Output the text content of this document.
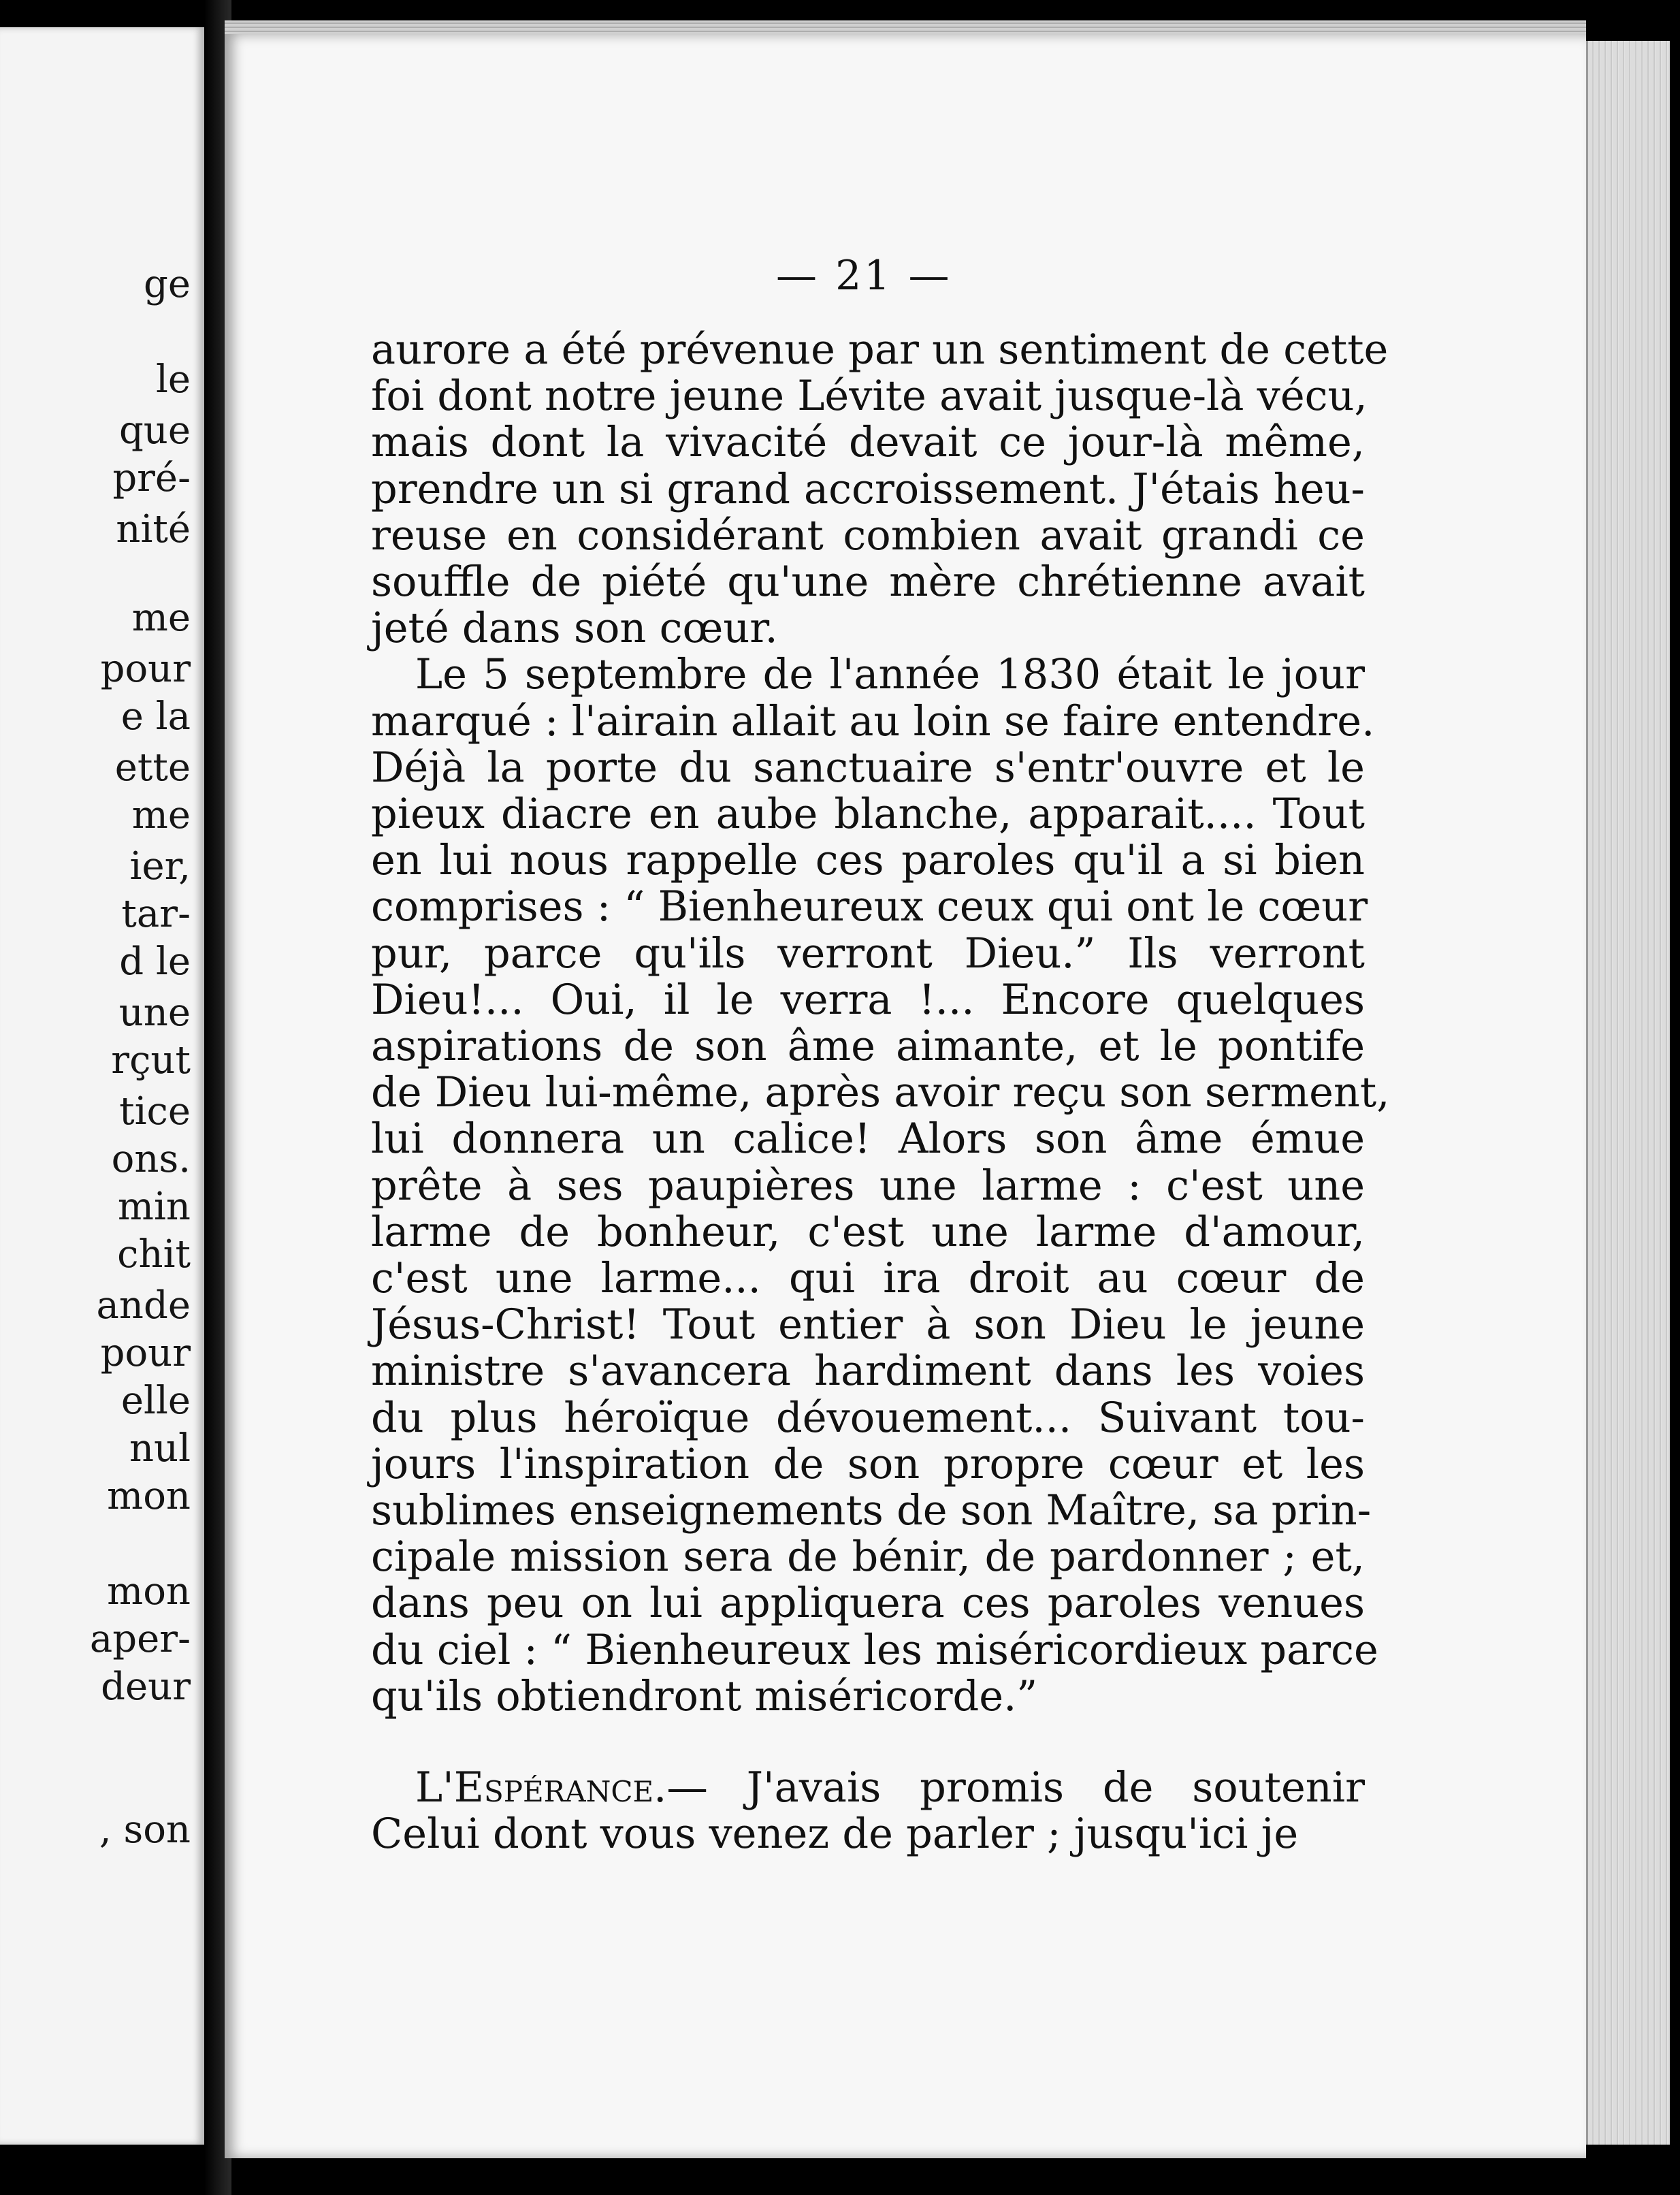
ge
le
que
pré-
nité
me
pour
e la
ette
me
ier,
tar-
d le
une
rçut
tice
ons.
min
chit
ande
pour
elle
nul
mon
mon
aper-
deur
, son
— 21 —
aurore a été prévenue par un sentiment de cette
foi dont notre jeune Lévite avait jusque-là vécu,
mais dont la vivacité devait ce jour-là même,
prendre un si grand accroissement. J'étais heu-
reuse en considérant combien avait grandi ce
souffle de piété qu'une mère chrétienne avait
jeté dans son cœur.
Le 5 septembre de l'année 1830 était le jour
marqué : l'airain allait au loin se faire entendre.
Déjà la porte du sanctuaire s'entr'ouvre et le
pieux diacre en aube blanche, apparait.... Tout
en lui nous rappelle ces paroles qu'il a si bien
comprises : “ Bienheureux ceux qui ont le cœur
pur, parce qu'ils verront Dieu.” Ils verront
Dieu!... Oui, il le verra !... Encore quelques
aspirations de son âme aimante, et le pontife
de Dieu lui-même, après avoir reçu son serment,
lui donnera un calice! Alors son âme émue
prête à ses paupières une larme : c'est une
larme de bonheur, c'est une larme d'amour,
c'est une larme... qui ira droit au cœur de
Jésus-Christ! Tout entier à son Dieu le jeune
ministre s'avancera hardiment dans les voies
du plus héroïque dévouement... Suivant tou-
jours l'inspiration de son propre cœur et les
sublimes enseignements de son Maître, sa prin-
cipale mission sera de bénir, de pardonner ; et,
dans peu on lui appliquera ces paroles venues
du ciel : “ Bienheureux les miséricordieux parce
qu'ils obtiendront miséricorde.”
L'Espérance.— J'avais promis de soutenir
Celui dont vous venez de parler ; jusqu'ici je
